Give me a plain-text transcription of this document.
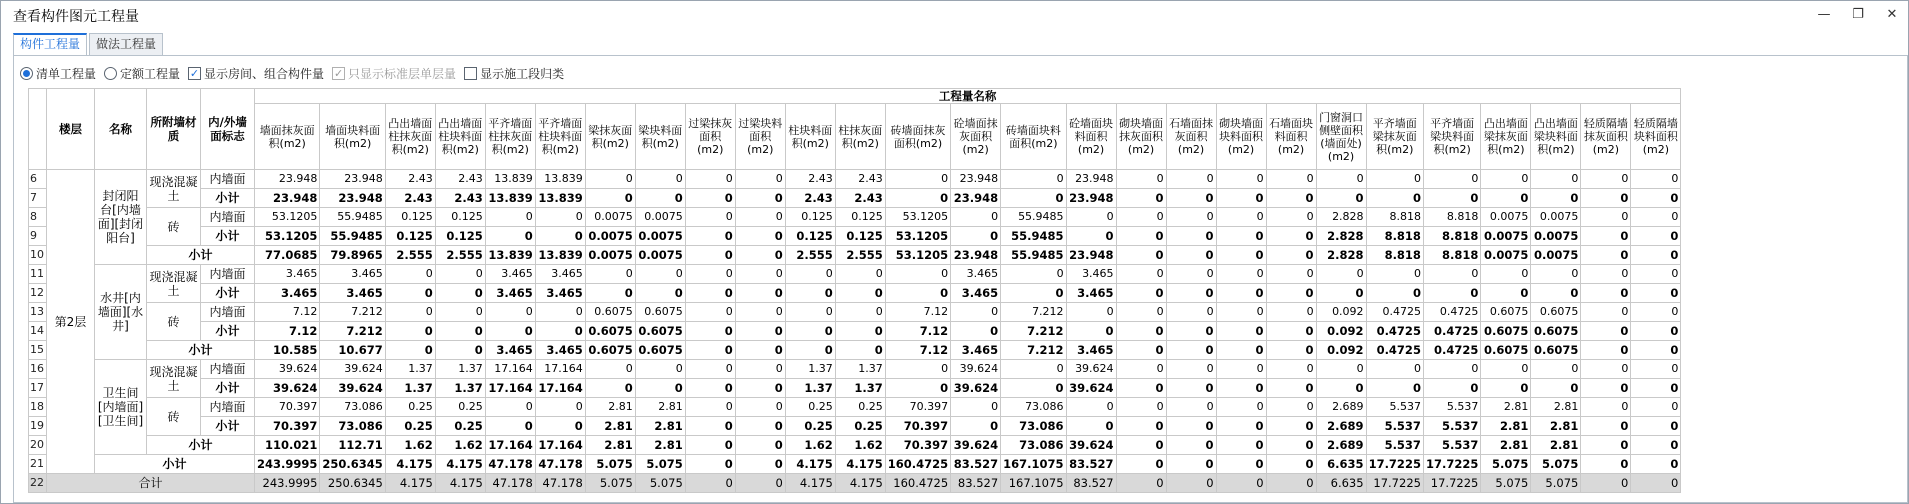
查看构件图元工程量	— ❐ ✕
构件工程量	做法工程量
清单工程量 定额工程量 ✓ 显示房间、组合构件量 ✓ 只显示标准层单层量 显示施工段归类
	楼层	名称	所附墙材质	内/外墙面标志	工程量名称																										
					墙面抹灰面积(m2)	墙面块料面积(m2)	凸出墙面柱抹灰面积(m2)	凸出墙面柱块料面积(m2)	平齐墙面柱抹灰面积(m2)	平齐墙面柱块料面积(m2)	梁抹灰面积(m2)	梁块料面积(m2)	过梁抹灰面积(m2)	过梁块料面积(m2)	柱块料面积(m2)	柱抹灰面积(m2)	砖墙面抹灰面积(m2)	砼墙面抹灰面积(m2)	砖墙面块料面积(m2)	砼墙面块料面积(m2)	砌块墙面抹灰面积(m2)	石墙面抹灰面积(m2)	砌块墙面块料面积(m2)	石墙面块料面积(m2)	门窗洞口侧壁面积(墙面处)(m2)	平齐墙面梁抹灰面积(m2)	平齐墙面梁块料面积(m2)	凸出墙面梁抹灰面积(m2)	凸出墙面梁块料面积(m2)	轻质隔墙抹灰面积(m2)	轻质隔墙块料面积(m2)
6	第2层	封闭阳台[内墙面][封闭阳台]	现浇混凝土	内墙面	23.948	23.948	2.43	2.43	13.839	13.839	0	0	0	0	2.43	2.43	0	23.948	0	23.948	0	0	0	0	0	0	0	0	0	0	0
7				小计	23.948	23.948	2.43	2.43	13.839	13.839	0	0	0	0	2.43	2.43	0	23.948	0	23.948	0	0	0	0	0	0	0	0	0	0	0
8			砖	内墙面	53.1205	55.9485	0.125	0.125	0	0	0.0075	0.0075	0	0	0.125	0.125	53.1205	0	55.9485	0	0	0	0	0	2.828	8.818	8.818	0.0075	0.0075	0	0
9				小计	53.1205	55.9485	0.125	0.125	0	0	0.0075	0.0075	0	0	0.125	0.125	53.1205	0	55.9485	0	0	0	0	0	2.828	8.818	8.818	0.0075	0.0075	0	0
10			小计		77.0685	79.8965	2.555	2.555	13.839	13.839	0.0075	0.0075	0	0	2.555	2.555	53.1205	23.948	55.9485	23.948	0	0	0	0	2.828	8.818	8.818	0.0075	0.0075	0	0
11		水井[内墙面][水井]	现浇混凝土	内墙面	3.465	3.465	0	0	3.465	3.465	0	0	0	0	0	0	0	3.465	0	3.465	0	0	0	0	0	0	0	0	0	0	0
12				小计	3.465	3.465	0	0	3.465	3.465	0	0	0	0	0	0	0	3.465	0	3.465	0	0	0	0	0	0	0	0	0	0	0
13			砖	内墙面	7.12	7.212	0	0	0	0	0.6075	0.6075	0	0	0	0	7.12	0	7.212	0	0	0	0	0	0.092	0.4725	0.4725	0.6075	0.6075	0	0
14				小计	7.12	7.212	0	0	0	0	0.6075	0.6075	0	0	0	0	7.12	0	7.212	0	0	0	0	0	0.092	0.4725	0.4725	0.6075	0.6075	0	0
15			小计		10.585	10.677	0	0	3.465	3.465	0.6075	0.6075	0	0	0	0	7.12	3.465	7.212	3.465	0	0	0	0	0.092	0.4725	0.4725	0.6075	0.6075	0	0
16		卫生间[内墙面][卫生间]	现浇混凝土	内墙面	39.624	39.624	1.37	1.37	17.164	17.164	0	0	0	0	1.37	1.37	0	39.624	0	39.624	0	0	0	0	0	0	0	0	0	0	0
17				小计	39.624	39.624	1.37	1.37	17.164	17.164	0	0	0	0	1.37	1.37	0	39.624	0	39.624	0	0	0	0	0	0	0	0	0	0	0
18			砖	内墙面	70.397	73.086	0.25	0.25	0	0	2.81	2.81	0	0	0.25	0.25	70.397	0	73.086	0	0	0	0	0	2.689	5.537	5.537	2.81	2.81	0	0
19				小计	70.397	73.086	0.25	0.25	0	0	2.81	2.81	0	0	0.25	0.25	70.397	0	73.086	0	0	0	0	0	2.689	5.537	5.537	2.81	2.81	0	0
20			小计		110.021	112.71	1.62	1.62	17.164	17.164	2.81	2.81	0	0	1.62	1.62	70.397	39.624	73.086	39.624	0	0	0	0	2.689	5.537	5.537	2.81	2.81	0	0
21		小计			243.9995	250.6345	4.175	4.175	47.178	47.178	5.075	5.075	0	0	4.175	4.175	160.4725	83.527	167.1075	83.527	0	0	0	0	6.635	17.7225	17.7225	5.075	5.075	0	0
22	合计				243.9995	250.6345	4.175	4.175	47.178	47.178	5.075	5.075	0	0	4.175	4.175	160.4725	83.527	167.1075	83.527	0	0	0	0	6.635	17.7225	17.7225	5.075	5.075	0	0
